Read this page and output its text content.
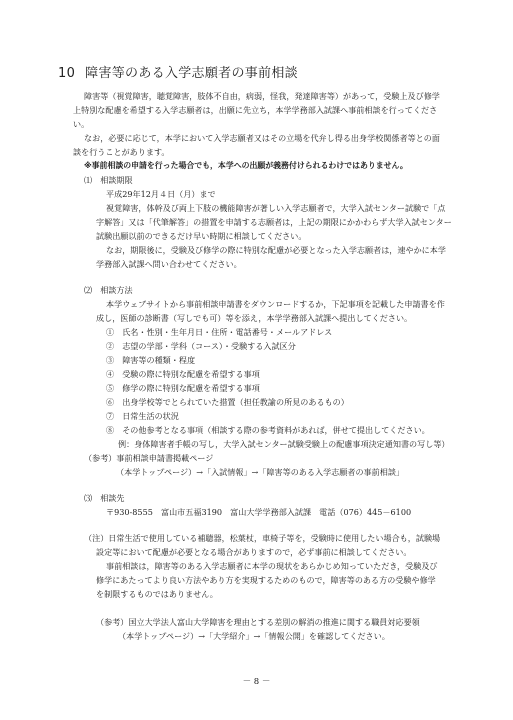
10 障害等のある入学志願者の事前相談
障害等（視覚障害，聴覚障害，肢体不自由，病弱，怪我，発達障害等）があって，受験上及び修学
上特別な配慮を希望する入学志願者は，出願に先立ち，本学学務部入試課へ事前相談を行ってくださ
い。
なお，必要に応じて，本学において入学志願者又はその立場を代弁し得る出身学校関係者等との面
談を行うことがあります。
※事前相談の申請を行った場合でも，本学への出願が義務付けられるわけではありません。
⑴　相談期限
平成29年12月４日（月）まで
視覚障害，体幹及び両上下肢の機能障害が著しい入学志願者で，大学入試センター試験で「点
字解答」又は「代筆解答」の措置を申請する志願者は，上記の期限にかかわらず大学入試センター
試験出願以前のできるだけ早い時期に相談してください。
なお，期限後に，受験及び修学の際に特別な配慮が必要となった入学志願者は，速やかに本学
学務部入試課へ問い合わせてください。
⑵　相談方法
本学ウェブサイトから事前相談申請書をダウンロードするか，下記事項を記載した申請書を作
成し，医師の診断書（写しでも可）等を添え，本学学務部入試課へ提出してください。
①　氏名・性別・生年月日・住所・電話番号・メールアドレス
②　志望の学部・学科（コース）・受験する入試区分
③　障害等の種類・程度
④　受験の際に特別な配慮を希望する事項
⑤　修学の際に特別な配慮を希望する事項
⑥　出身学校等でとられていた措置（担任教諭の所見のあるもの）
⑦　日常生活の状況
⑧　その他参考となる事項（相談する際の参考資料があれば，併せて提出してください。
例：身体障害者手帳の写し，大学入試センター試験受験上の配慮事項決定通知書の写し等）
（参考）事前相談申請書掲載ページ
（本学トップページ）→「入試情報」→「障害等のある入学志願者の事前相談」
⑶　相談先
〒930-8555　富山市五福3190　富山大学学務部入試課　電話（076）445－6100
（注）日常生活で使用している補聴器，松葉杖，車椅子等を，受験時に使用したい場合も，試験場
設定等において配慮が必要となる場合がありますので，必ず事前に相談してください。
事前相談は，障害等のある入学志願者に本学の現状をあらかじめ知っていただき，受験及び
修学にあたってより良い方法やあり方を実現するためのもので，障害等のある方の受験や修学
を制限するものではありません。
（参考）国立大学法人富山大学障害を理由とする差別の解消の推進に関する職員対応要領
（本学トップページ）→「大学紹介」→「情報公開」を確認してください。
－ 8 －
